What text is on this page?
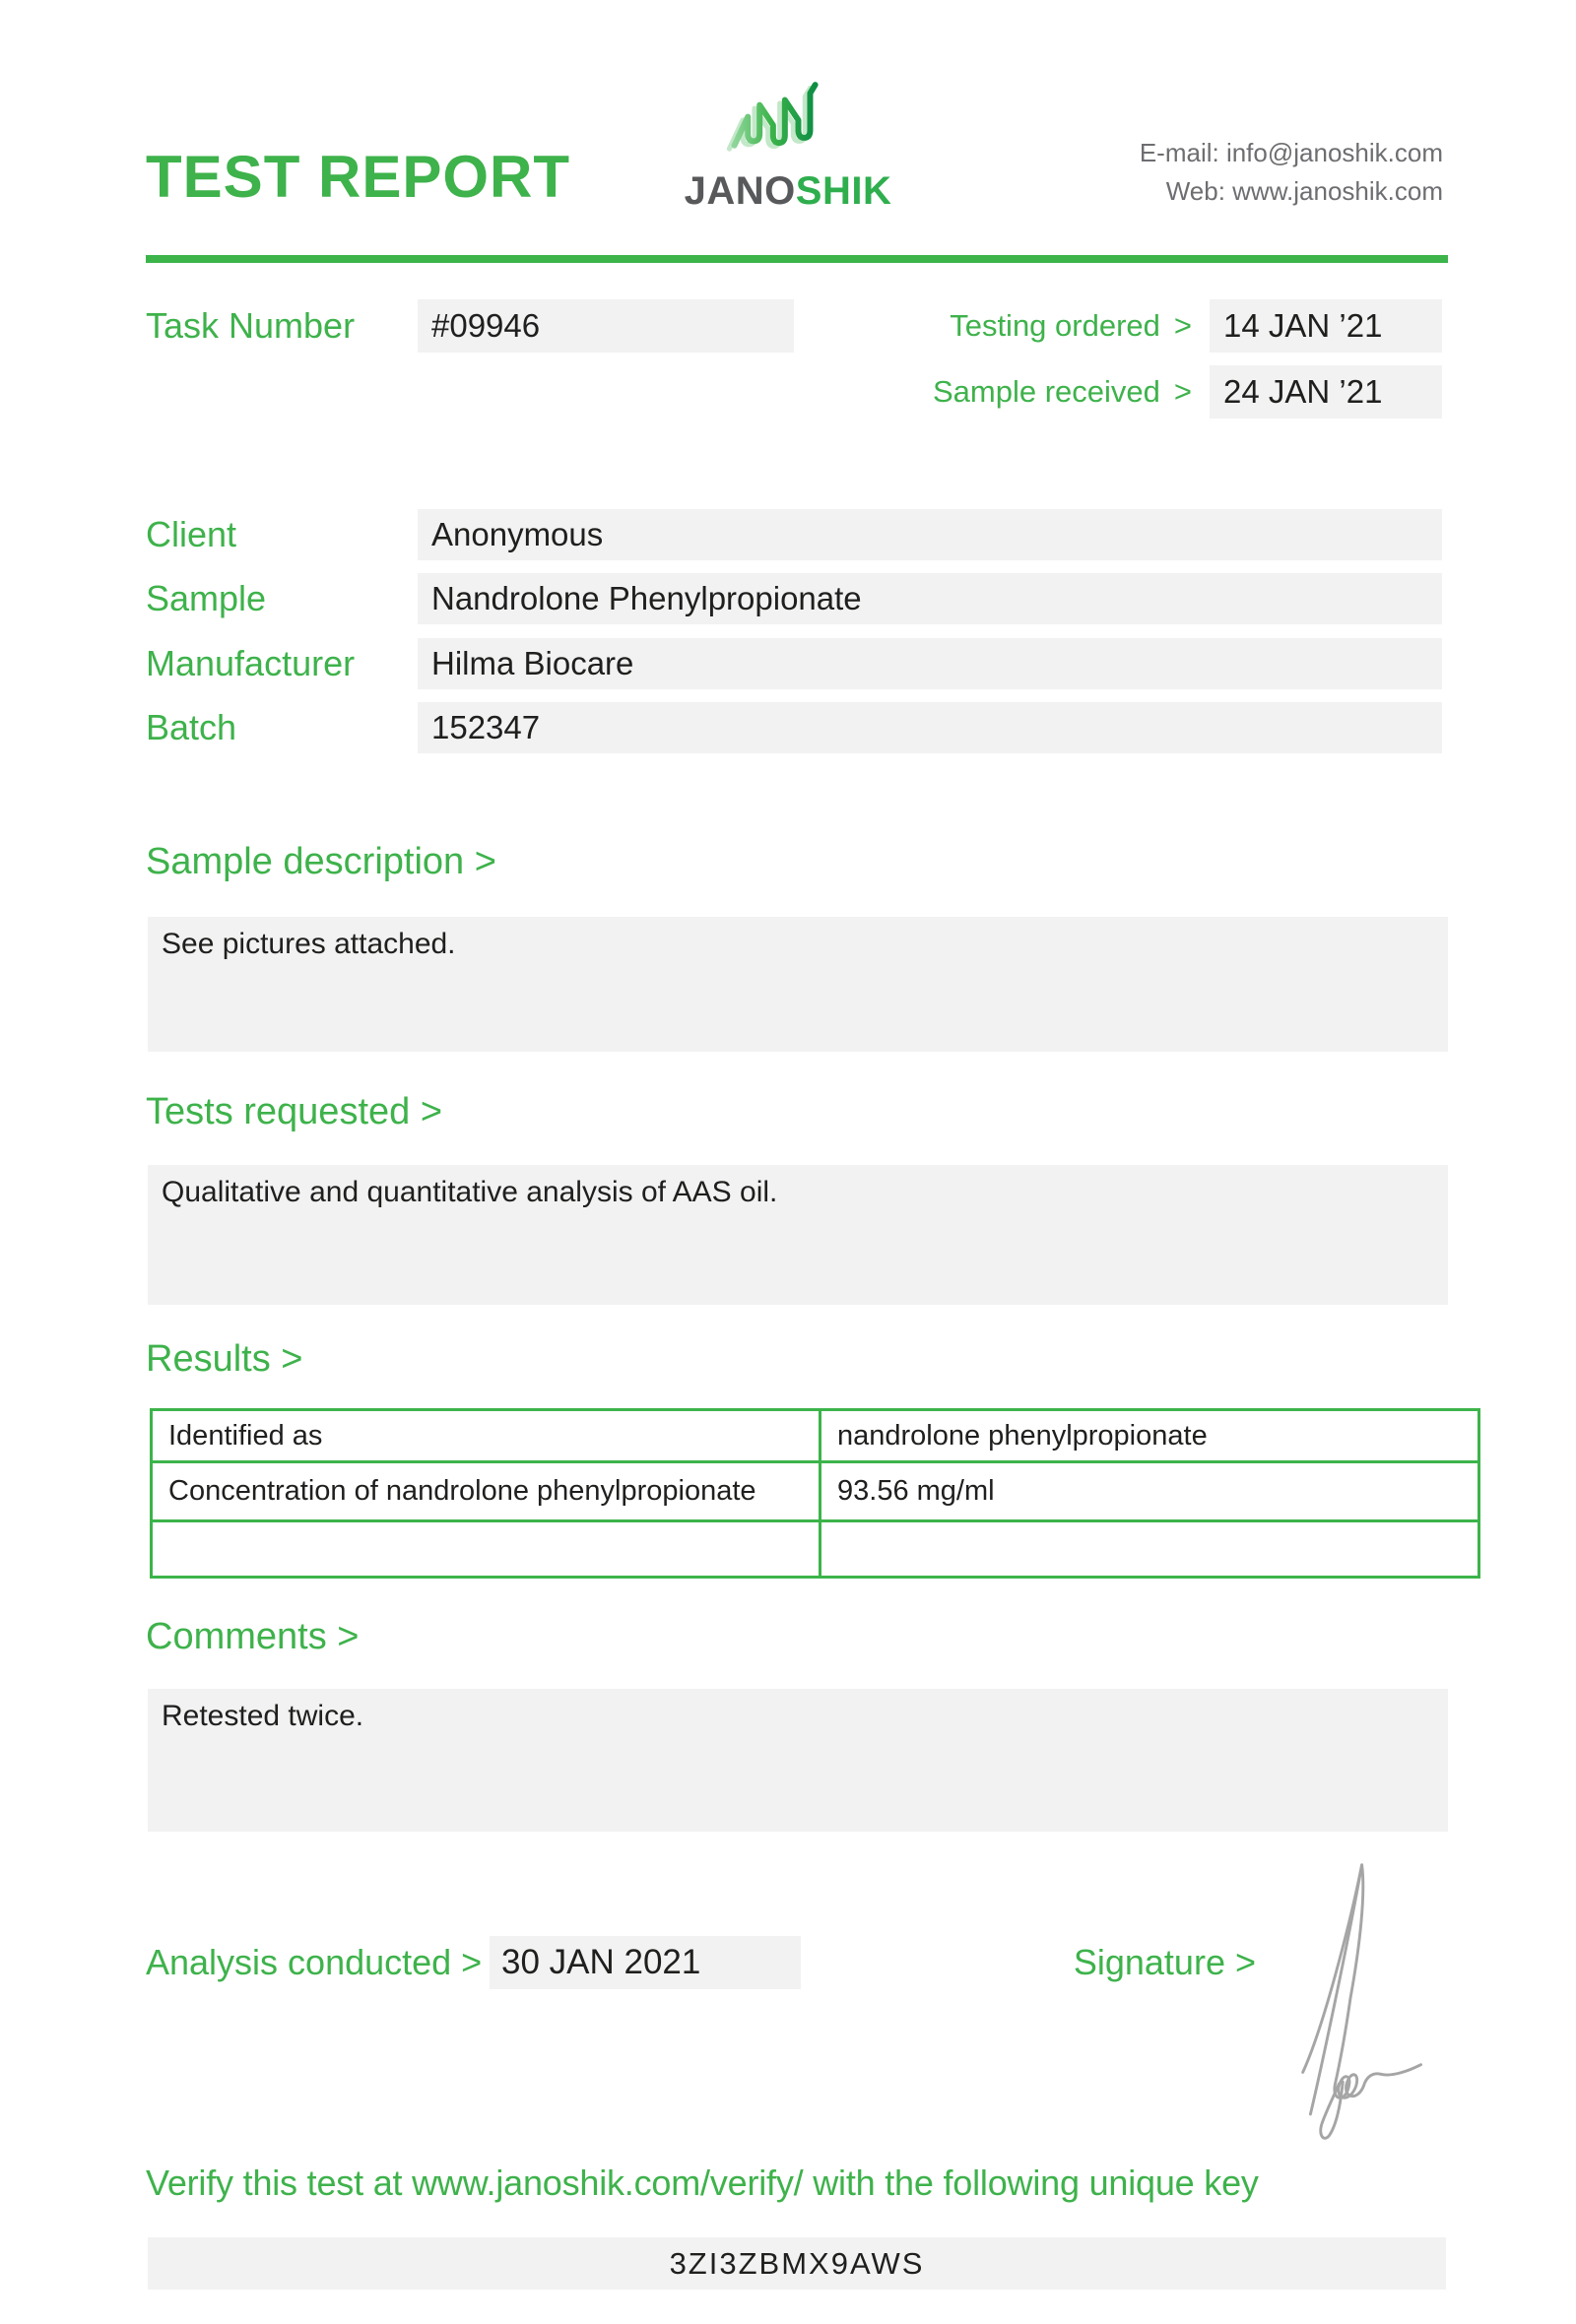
TEST REPORT	JANOSHIK
E-mail: info@janoshik.com
Web: www.janoshik.com
Task Number #09946	Testing ordered > 14 JAN ’21
Sample received > 24 JAN ’21
Client	Anonymous
Sample	Nandrolone Phenylpropionate
Manufacturer	Hilma Biocare
Batch	152347
Sample description >
See pictures attached.
Tests requested >
Qualitative and quantitative analysis of AAS oil.
Results >
Identified as	nandrolone phenylpropionate
Concentration of nandrolone phenylpropionate	93.56 mg/ml

Comments >
Retested twice.
Analysis conducted > 30 JAN 2021	Signature >
Verify this test at www.janoshik.com/verify/ with the following unique key
3ZI3ZBMX9AWS
